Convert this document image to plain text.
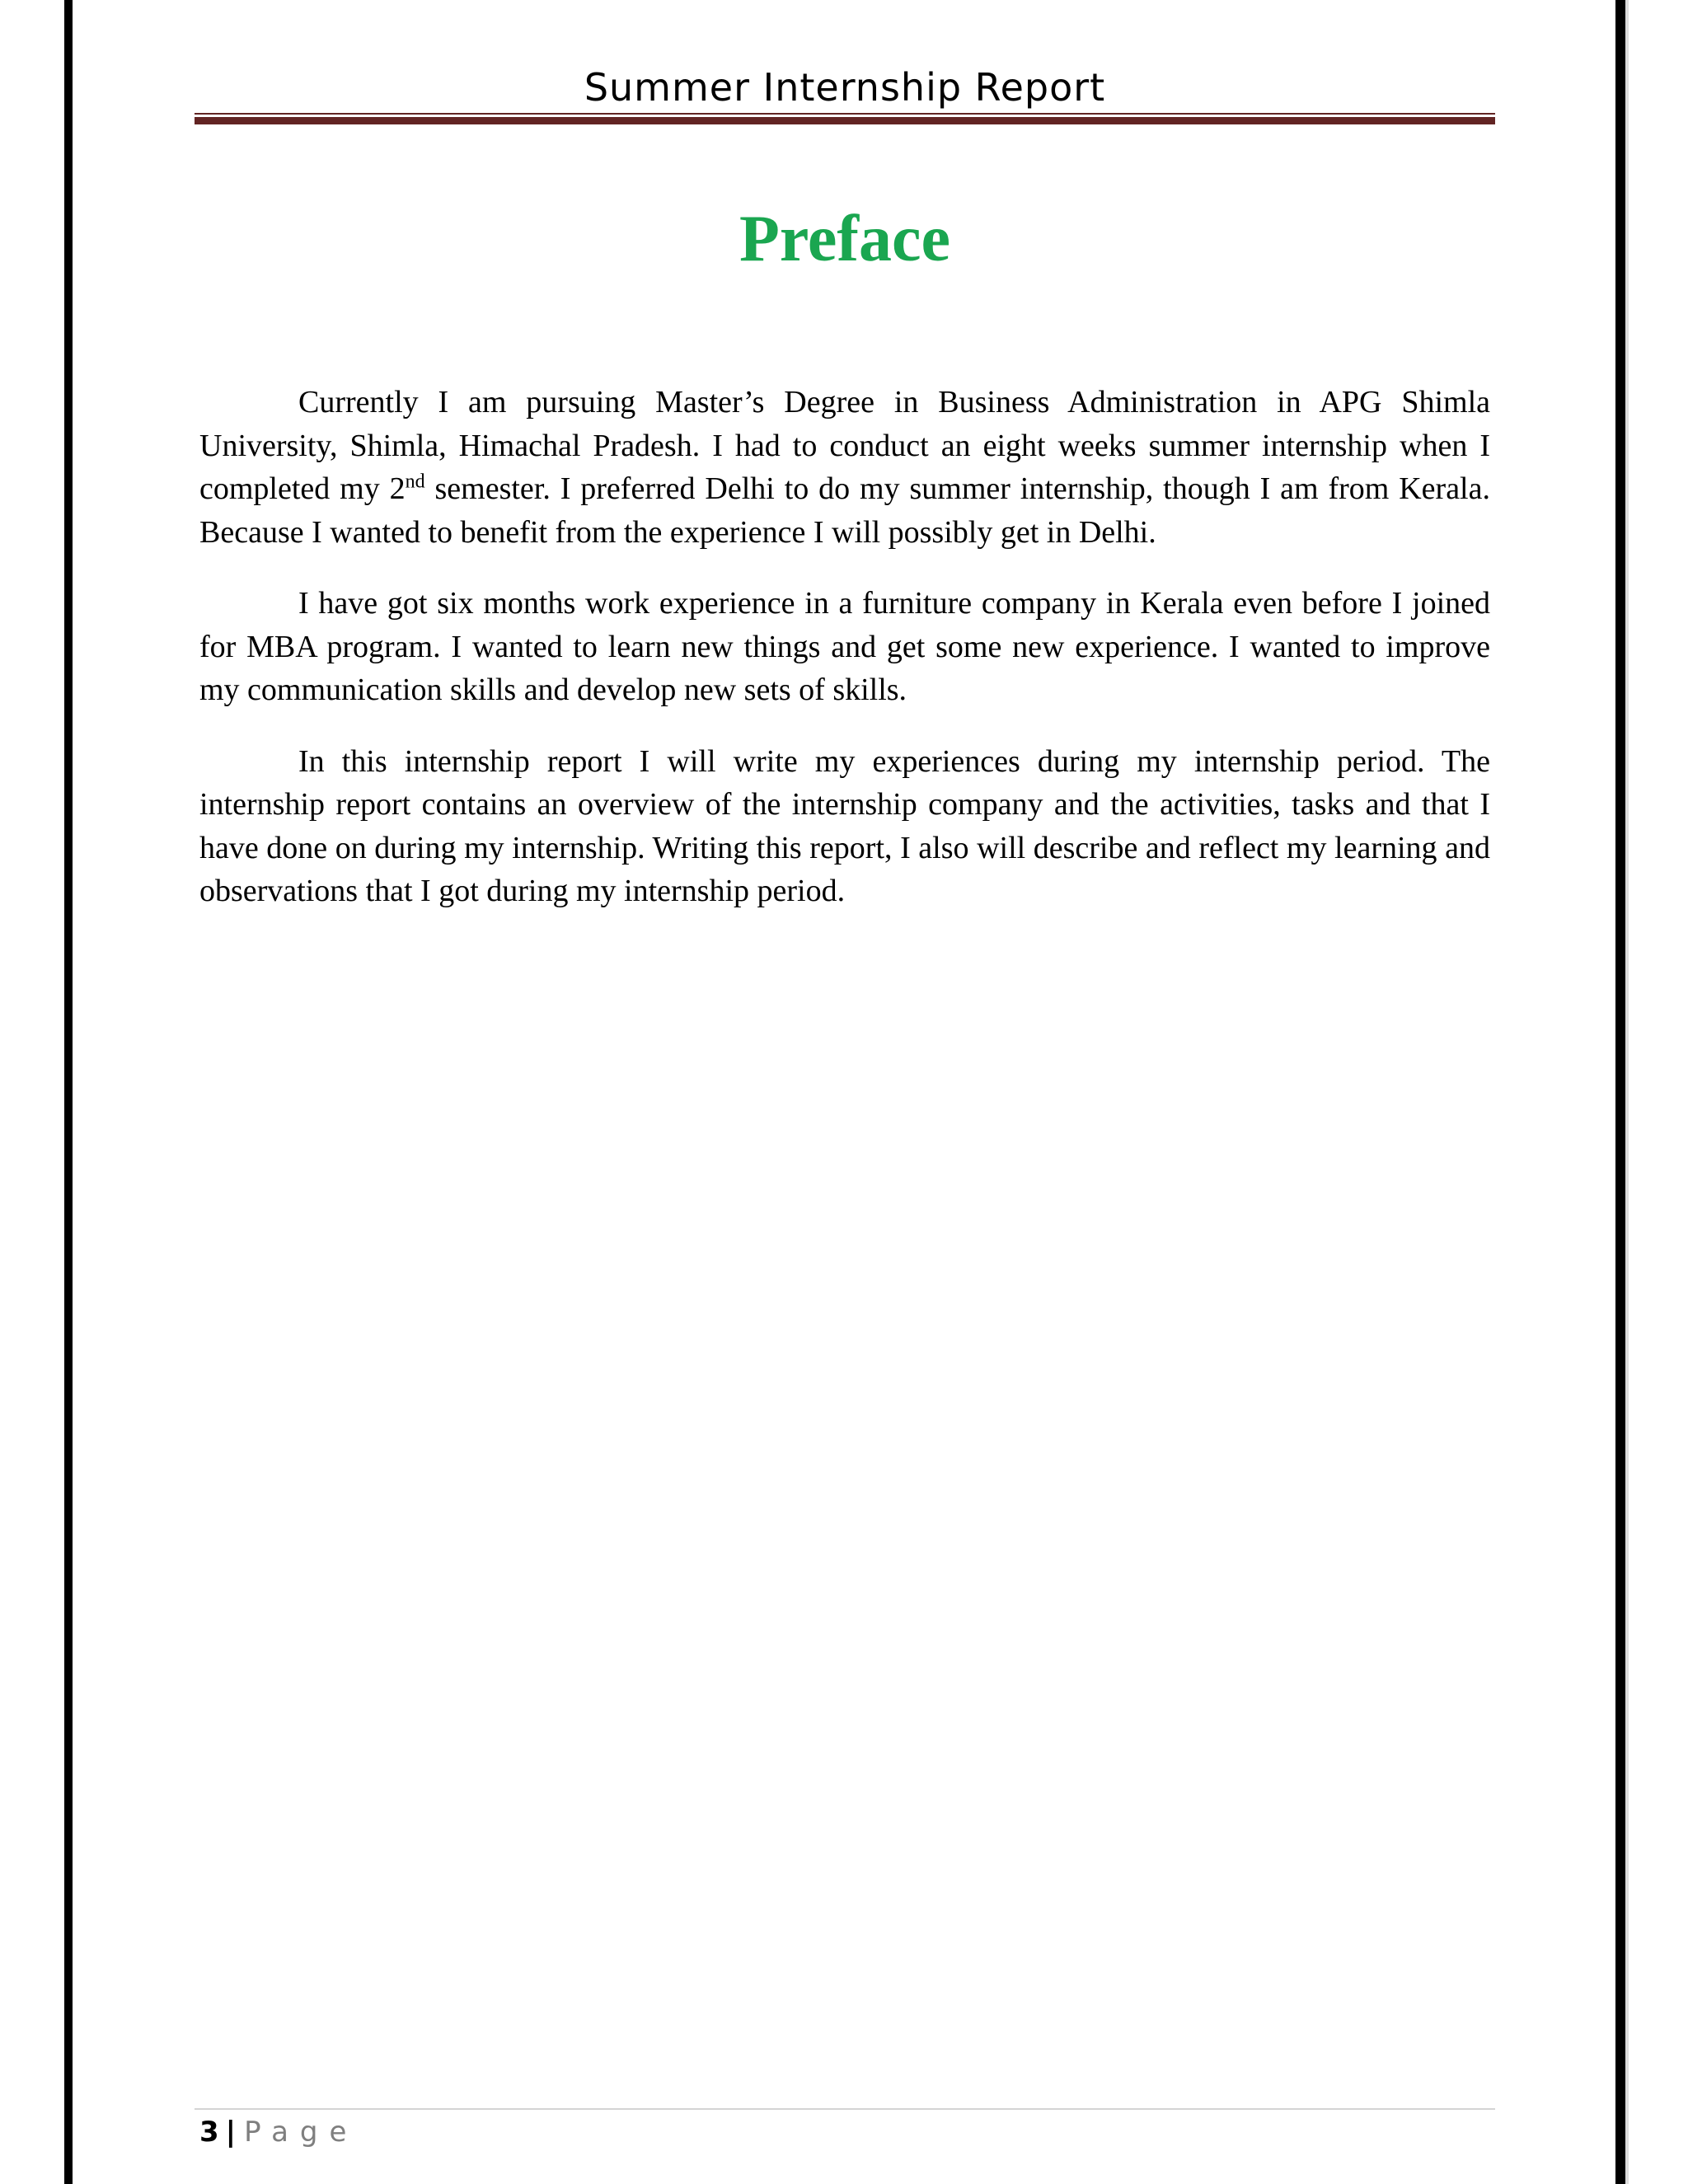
Summer Internship Report
Preface

Currently I am pursuing Master’s Degree in Business Administration in APG Shimla University, Shimla, Himachal Pradesh. I had to conduct an eight weeks summer internship when I completed my 2nd semester. I preferred Delhi to do my summer internship, though I am from Kerala. Because I wanted to benefit from the experience I will possibly get in Delhi.

I have got six months work experience in a furniture company in Kerala even before I joined for MBA program. I wanted to learn new things and get some new experience. I wanted to improve my communication skills and develop new sets of skills.

In this internship report I will write my experiences during my internship period. The internship report contains an overview of the internship company and the activities, tasks and that I have done on during my internship. Writing this report, I also will describe and reflect my learning and observations that I got during my internship period.

3 | Page
